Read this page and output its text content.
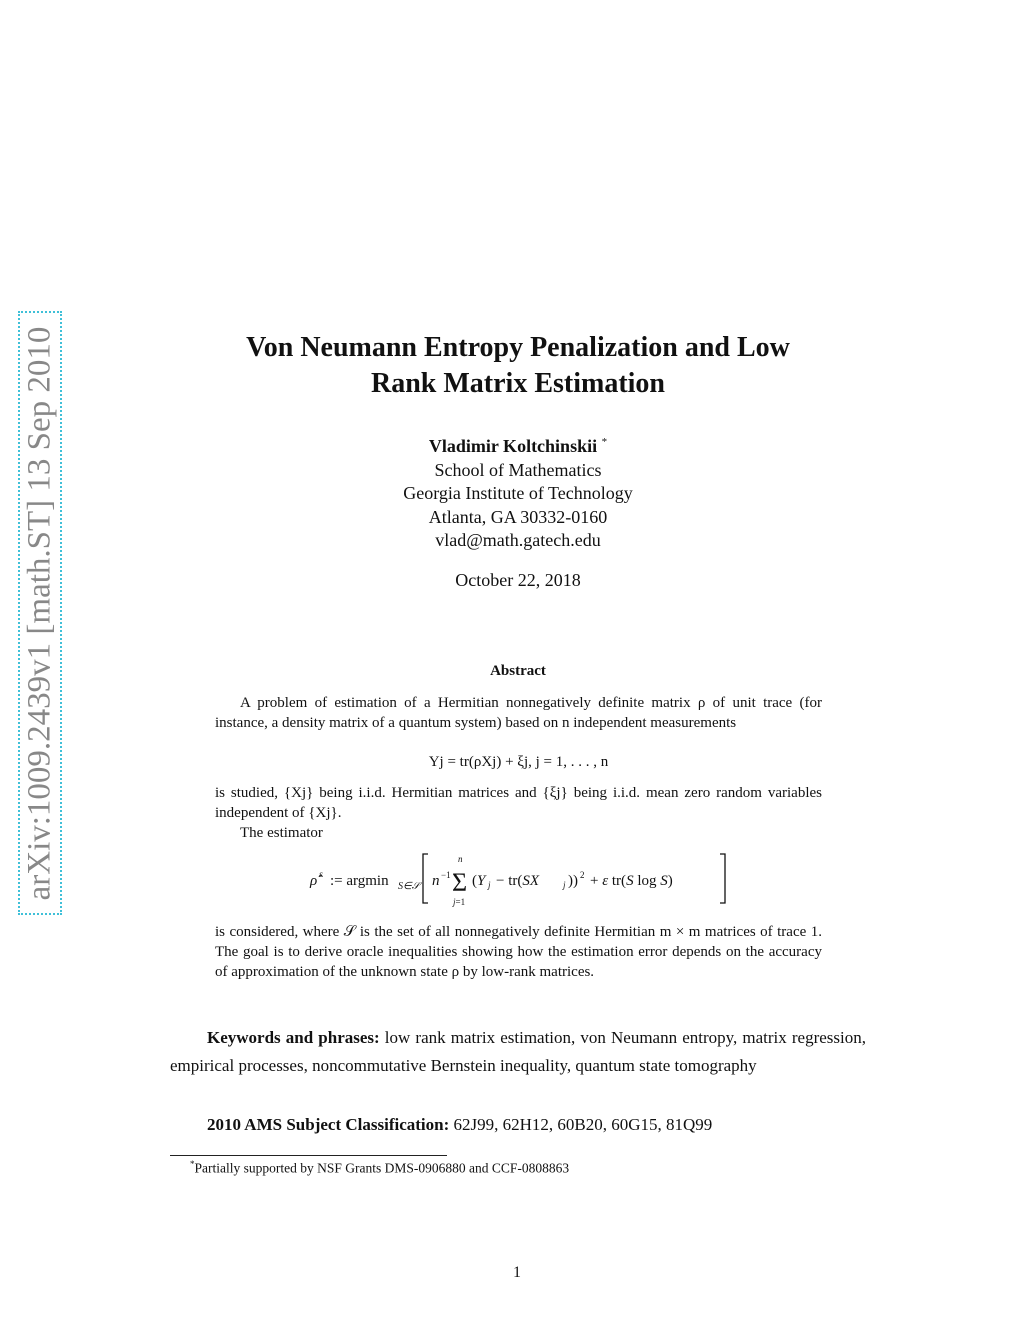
arXiv:1009.2439v1 [math.ST] 13 Sep 2010	Von Neumann Entropy Penalization and Low
Rank Matrix Estimation
Vladimir Koltchinskii *
School of Mathematics
Georgia Institute of Technology
Atlanta, GA 30332-0160
vlad@math.gatech.edu
October 22, 2018
Abstract
A problem of estimation of a Hermitian nonnegatively definite matrix ρ of unit trace (for instance, a density matrix of a quantum system) based on n independent measurements
Yj = tr(ρXj) + ξj, j = 1, . . . , n
is studied, {Xj} being i.i.d. Hermitian matrices and {ξj} being i.i.d. mean zero random variables independent of {Xj}.
The estimator
ρ̂ ε := argmin S∈𝒮 n −1
n
Σ
j=1
(Y j − tr(SX	j )) 2 + ε tr(S log S)
is considered, where 𝒮 is the set of all nonnegatively definite Hermitian m × m matrices of trace 1. The goal is to derive oracle inequalities showing how the estimation error depends on the accuracy of approximation of the unknown state ρ by low-rank matrices.
Keywords and phrases: low rank matrix estimation, von Neumann entropy, matrix regression, empirical processes, noncommutative Bernstein inequality, quantum state tomography
2010 AMS Subject Classification: 62J99, 62H12, 60B20, 60G15, 81Q99
*Partially supported by NSF Grants DMS-0906880 and CCF-0808863
1
